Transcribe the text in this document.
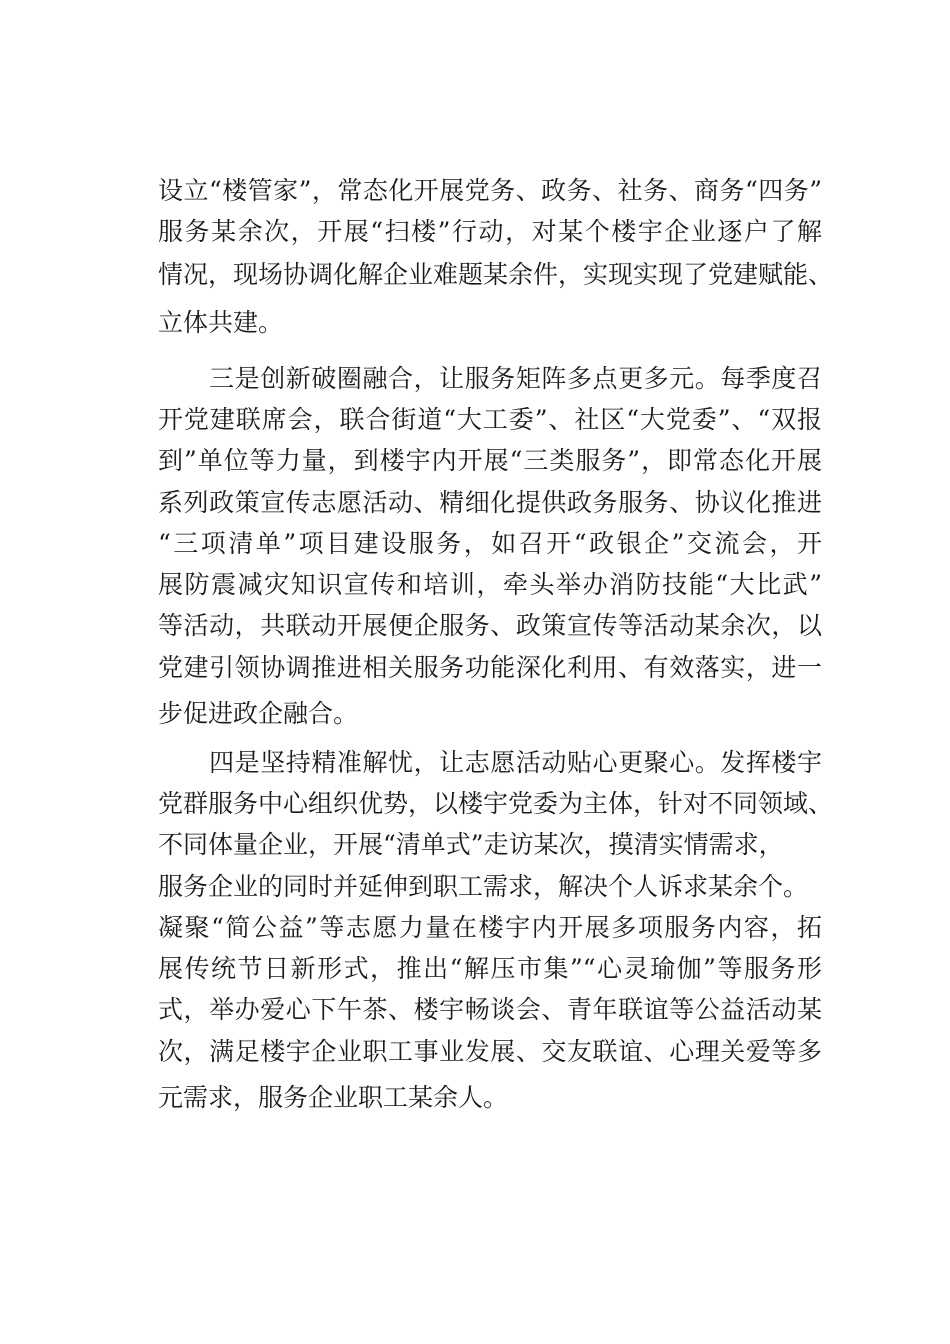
设立“楼管家”，常态化开展党务、政务、社务、商务“四务”
服务某余次，开展“扫楼”行动，对某个楼宇企业逐户了解
情况，现场协调化解企业难题某余件，实现实现了党建赋能、
立体共建。
　　三是创新破圈融合，让服务矩阵多点更多元。每季度召
开党建联席会，联合街道“大工委”、社区“大党委”、“双报
到”单位等力量，到楼宇内开展“三类服务”，即常态化开展
系列政策宣传志愿活动、精细化提供政务服务、协议化推进
“三项清单”项目建设服务，如召开“政银企”交流会，开
展防震减灾知识宣传和培训，牵头举办消防技能“大比武”
等活动，共联动开展便企服务、政策宣传等活动某余次，以
党建引领协调推进相关服务功能深化利用、有效落实，进一
步促进政企融合。
　　四是坚持精准解忧，让志愿活动贴心更聚心。发挥楼宇
党群服务中心组织优势，以楼宇党委为主体，针对不同领域、
不同体量企业，开展“清单式”走访某次，摸清实情需求，
服务企业的同时并延伸到职工需求，解决个人诉求某余个。
凝聚“简公益”等志愿力量在楼宇内开展多项服务内容，拓
展传统节日新形式，推出“解压市集”“心灵瑜伽”等服务形
式，举办爱心下午茶、楼宇畅谈会、青年联谊等公益活动某
次，满足楼宇企业职工事业发展、交友联谊、心理关爱等多
元需求，服务企业职工某余人。
